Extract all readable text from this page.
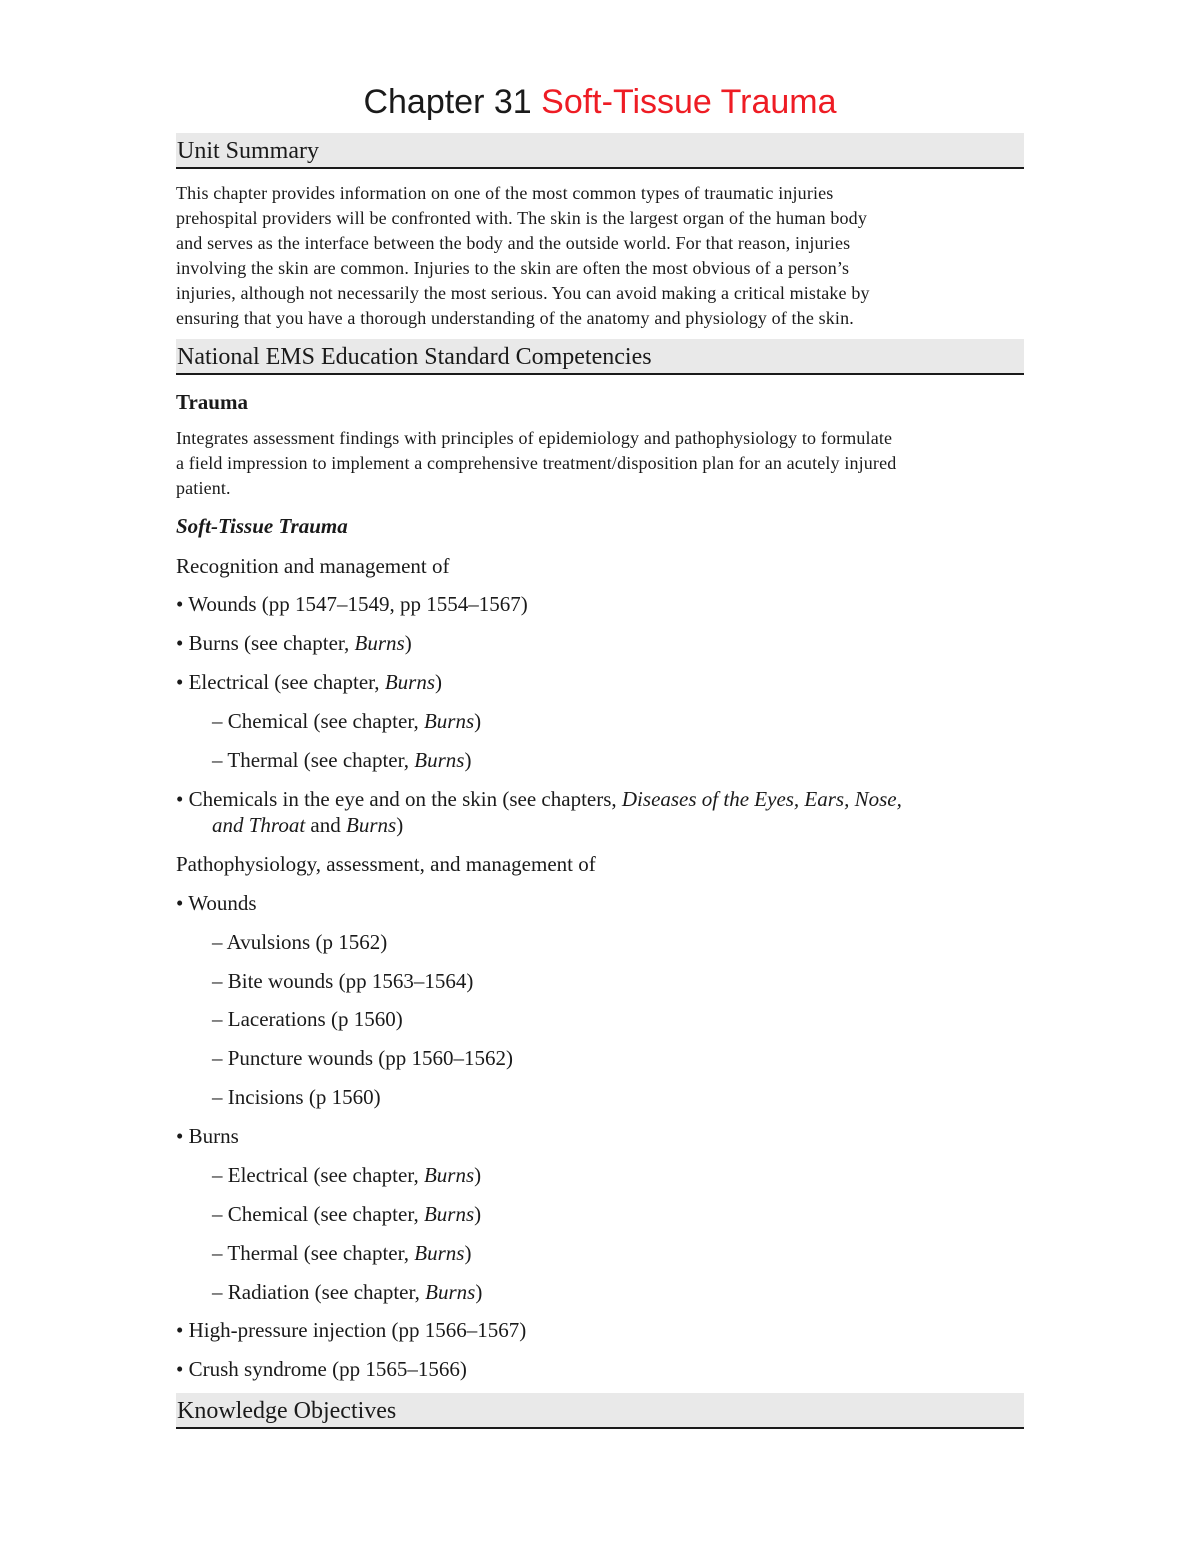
Chapter 31 Soft-Tissue Trauma
Unit Summary
This chapter provides information on one of the most common types of traumatic injuries
prehospital providers will be confronted with. The skin is the largest organ of the human body
and serves as the interface between the body and the outside world. For that reason, injuries
involving the skin are common. Injuries to the skin are often the most obvious of a person’s
injuries, although not necessarily the most serious. You can avoid making a critical mistake by
ensuring that you have a thorough understanding of the anatomy and physiology of the skin.
National EMS Education Standard Competencies
Trauma
Integrates assessment findings with principles of epidemiology and pathophysiology to formulate
a field impression to implement a comprehensive treatment/disposition plan for an acutely injured
patient.
Soft-Tissue Trauma
Recognition and management of
• Wounds (pp 1547–1549, pp 1554–1567)
• Burns (see chapter, Burns)
• Electrical (see chapter, Burns)
– Chemical (see chapter, Burns)
– Thermal (see chapter, Burns)
• Chemicals in the eye and on the skin (see chapters, Diseases of the Eyes, Ears, Nose,
and Throat and Burns)
Pathophysiology, assessment, and management of
• Wounds
– Avulsions (p 1562)
– Bite wounds (pp 1563–1564)
– Lacerations (p 1560)
– Puncture wounds (pp 1560–1562)
– Incisions (p 1560)
• Burns
– Electrical (see chapter, Burns)
– Chemical (see chapter, Burns)
– Thermal (see chapter, Burns)
– Radiation (see chapter, Burns)
• High-pressure injection (pp 1566–1567)
• Crush syndrome (pp 1565–1566)
Knowledge Objectives
